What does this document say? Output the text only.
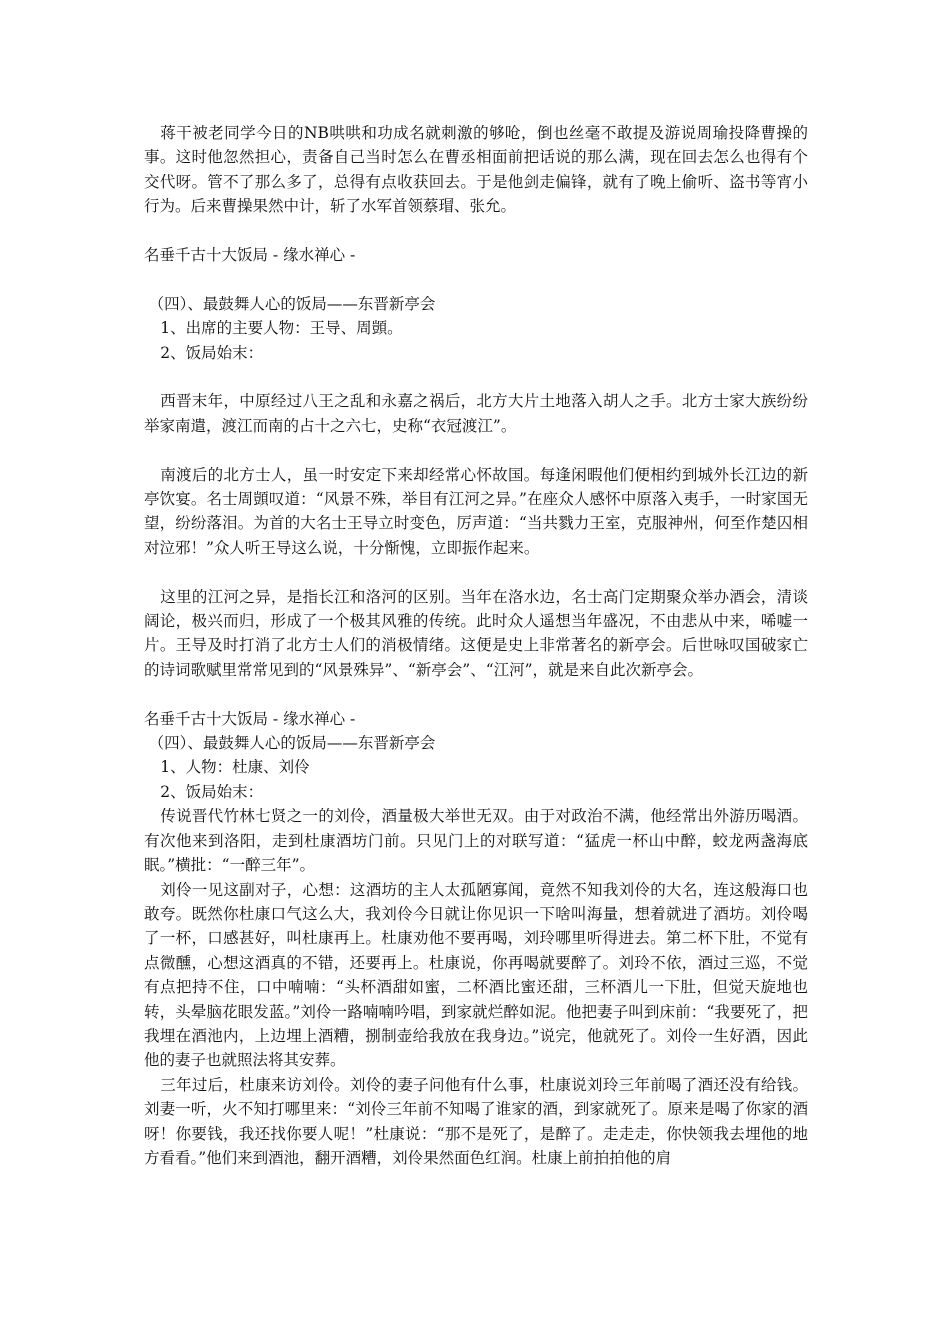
蒋干被老同学今日的NB哄哄和功成名就刺激的够呛，倒也丝毫不敢提及游说周瑜投降曹操的事。这时他忽然担心，责备自己当时怎么在曹丞相面前把话说的那么满，现在回去怎么也得有个交代呀。管不了那么多了，总得有点收获回去。于是他剑走偏锋，就有了晚上偷听、盗书等宵小行为。后来曹操果然中计，斩了水军首领蔡瑁、张允。

名垂千古十大饭局 - 缘水禅心 -

（四）、最鼓舞人心的饭局——东晋新亭会

1、出席的主要人物：王导、周顗。

2、饭局始末：

西晋末年，中原经过八王之乱和永嘉之祸后，北方大片土地落入胡人之手。北方士家大族纷纷举家南遣，渡江而南的占十之六七，史称“衣冠渡江”。

南渡后的北方士人，虽一时安定下来却经常心怀故国。每逢闲暇他们便相约到城外长江边的新亭饮宴。名士周顗叹道：“风景不殊，举目有江河之异。”在座众人感怀中原落入夷手，一时家国无望，纷纷落泪。为首的大名士王导立时变色，厉声道：“当共戮力王室，克服神州，何至作楚囚相对泣邪！”众人听王导这么说，十分惭愧，立即振作起来。

这里的江河之异，是指长江和洛河的区别。当年在洛水边，名士高门定期聚众举办酒会，清谈阔论，极兴而归，形成了一个极其风雅的传统。此时众人遥想当年盛况，不由悲从中来，唏嘘一片。王导及时打消了北方士人们的消极情绪。这便是史上非常著名的新亭会。后世咏叹国破家亡的诗词歌赋里常常见到的“风景殊异”、“新亭会”、“江河”，就是来自此次新亭会。

名垂千古十大饭局 - 缘水禅心 -

（四）、最鼓舞人心的饭局——东晋新亭会

1、人物：杜康、刘伶

2、饭局始末：

传说晋代竹林七贤之一的刘伶，酒量极大举世无双。由于对政治不满，他经常出外游历喝酒。有次他来到洛阳，走到杜康酒坊门前。只见门上的对联写道：“猛虎一杯山中醉，蛟龙两盏海底眠。”横批：“一醉三年”。

刘伶一见这副对子，心想：这酒坊的主人太孤陋寡闻，竟然不知我刘伶的大名，连这般海口也敢夸。既然你杜康口气这么大，我刘伶今日就让你见识一下啥叫海量，想着就进了酒坊。刘伶喝了一杯，口感甚好，叫杜康再上。杜康劝他不要再喝，刘玲哪里听得进去。第二杯下肚，不觉有点微醺，心想这酒真的不错，还要再上。杜康说，你再喝就要醉了。刘玲不依，酒过三巡，不觉有点把持不住，口中喃喃：“头杯酒甜如蜜，二杯酒比蜜还甜，三杯酒儿一下肚，但觉天旋地也转，头晕脑花眼发蓝。”刘伶一路喃喃吟唱，到家就烂醉如泥。他把妻子叫到床前：“我要死了，把我埋在酒池内，上边埋上酒糟，捌制壶给我放在我身边。”说完，他就死了。刘伶一生好酒，因此他的妻子也就照法将其安葬。

三年过后，杜康来访刘伶。刘伶的妻子问他有什么事，杜康说刘玲三年前喝了酒还没有给钱。刘妻一听，火不知打哪里来：“刘伶三年前不知喝了谁家的酒，到家就死了。原来是喝了你家的酒呀！你要钱，我还找你要人呢！”杜康说：“那不是死了，是醉了。走走走，你快领我去埋他的地方看看。”他们来到酒池，翻开酒糟，刘伶果然面色红润。杜康上前拍拍他的肩
